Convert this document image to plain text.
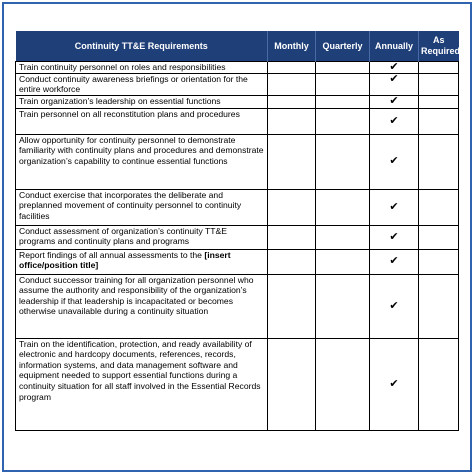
Continuity TT&E Requirements	Monthly	Quarterly	Annually	As Required
Train continuity personnel on roles and responsibilities			✔	
Conduct continuity awareness briefings or orientation for the entire workforce			✔	
Train organization’s leadership on essential functions			✔	
Train personnel on all reconstitution plans and procedures			✔	
Allow opportunity for continuity personnel to demonstrate familiarity with continuity plans and procedures and demonstrate organization’s capability to continue essential functions			✔	
Conduct exercise that incorporates the deliberate and preplanned movement of continuity personnel to continuity facilities			✔	
Conduct assessment of organization’s continuity TT&E programs and continuity plans and programs			✔	
Report findings of all annual assessments to the [insert office/position title]			✔	
Conduct successor training for all organization personnel who assume the authority and responsibility of the organization’s leadership if that leadership is incapacitated or becomes otherwise unavailable during a continuity situation			✔	
Train on the identification, protection, and ready availability of electronic and hardcopy documents, references, records, information systems, and data management software and equipment needed to support essential functions during a continuity situation for all staff involved in the Essential Records program			✔	
